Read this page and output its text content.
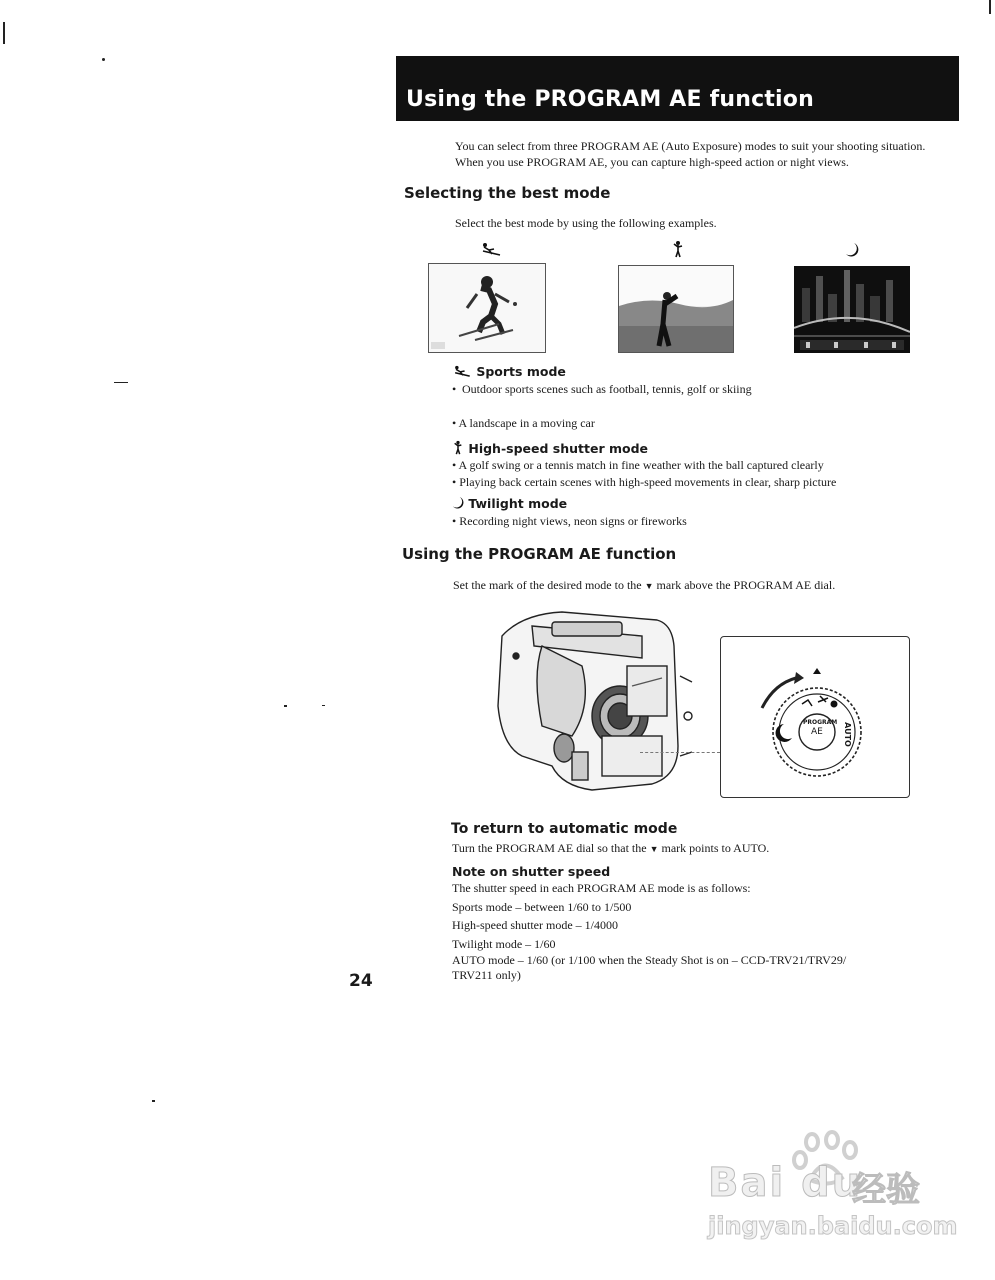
Using the PROGRAM AE function
You can select from three PROGRAM AE (Auto Exposure) modes to suit your shooting situation. When you use PROGRAM AE, you can capture high-speed action or night views.
Selecting the best mode
Select the best mode by using the following examples.
Sports mode
• Outdoor sports scenes such as football, tennis, golf or skiing
• A landscape in a moving car
High-speed shutter mode
• A golf swing or a tennis match in fine weather with the ball captured clearly
• Playing back certain scenes with high-speed movements in clear, sharp picture
Twilight mode
• Recording night views, neon signs or fireworks
Using the PROGRAM AE function
Set the mark of the desired mode to the ▼ mark above the PROGRAM AE dial.
PROGRAM
AE	AUTO
To return to automatic mode
Turn the PROGRAM AE dial so that the ▼ mark points to AUTO.
Note on shutter speed
The shutter speed in each PROGRAM AE mode is as follows:
Sports mode – between 1/60 to 1/500
High-speed shutter mode – 1/4000
Twilight mode – 1/60
AUTO mode – 1/60 (or 1/100 when the Steady Shot is on – CCD-TRV21/TRV29/
TRV211 only)
24
Bai du
经验
jingyan.baidu.com
